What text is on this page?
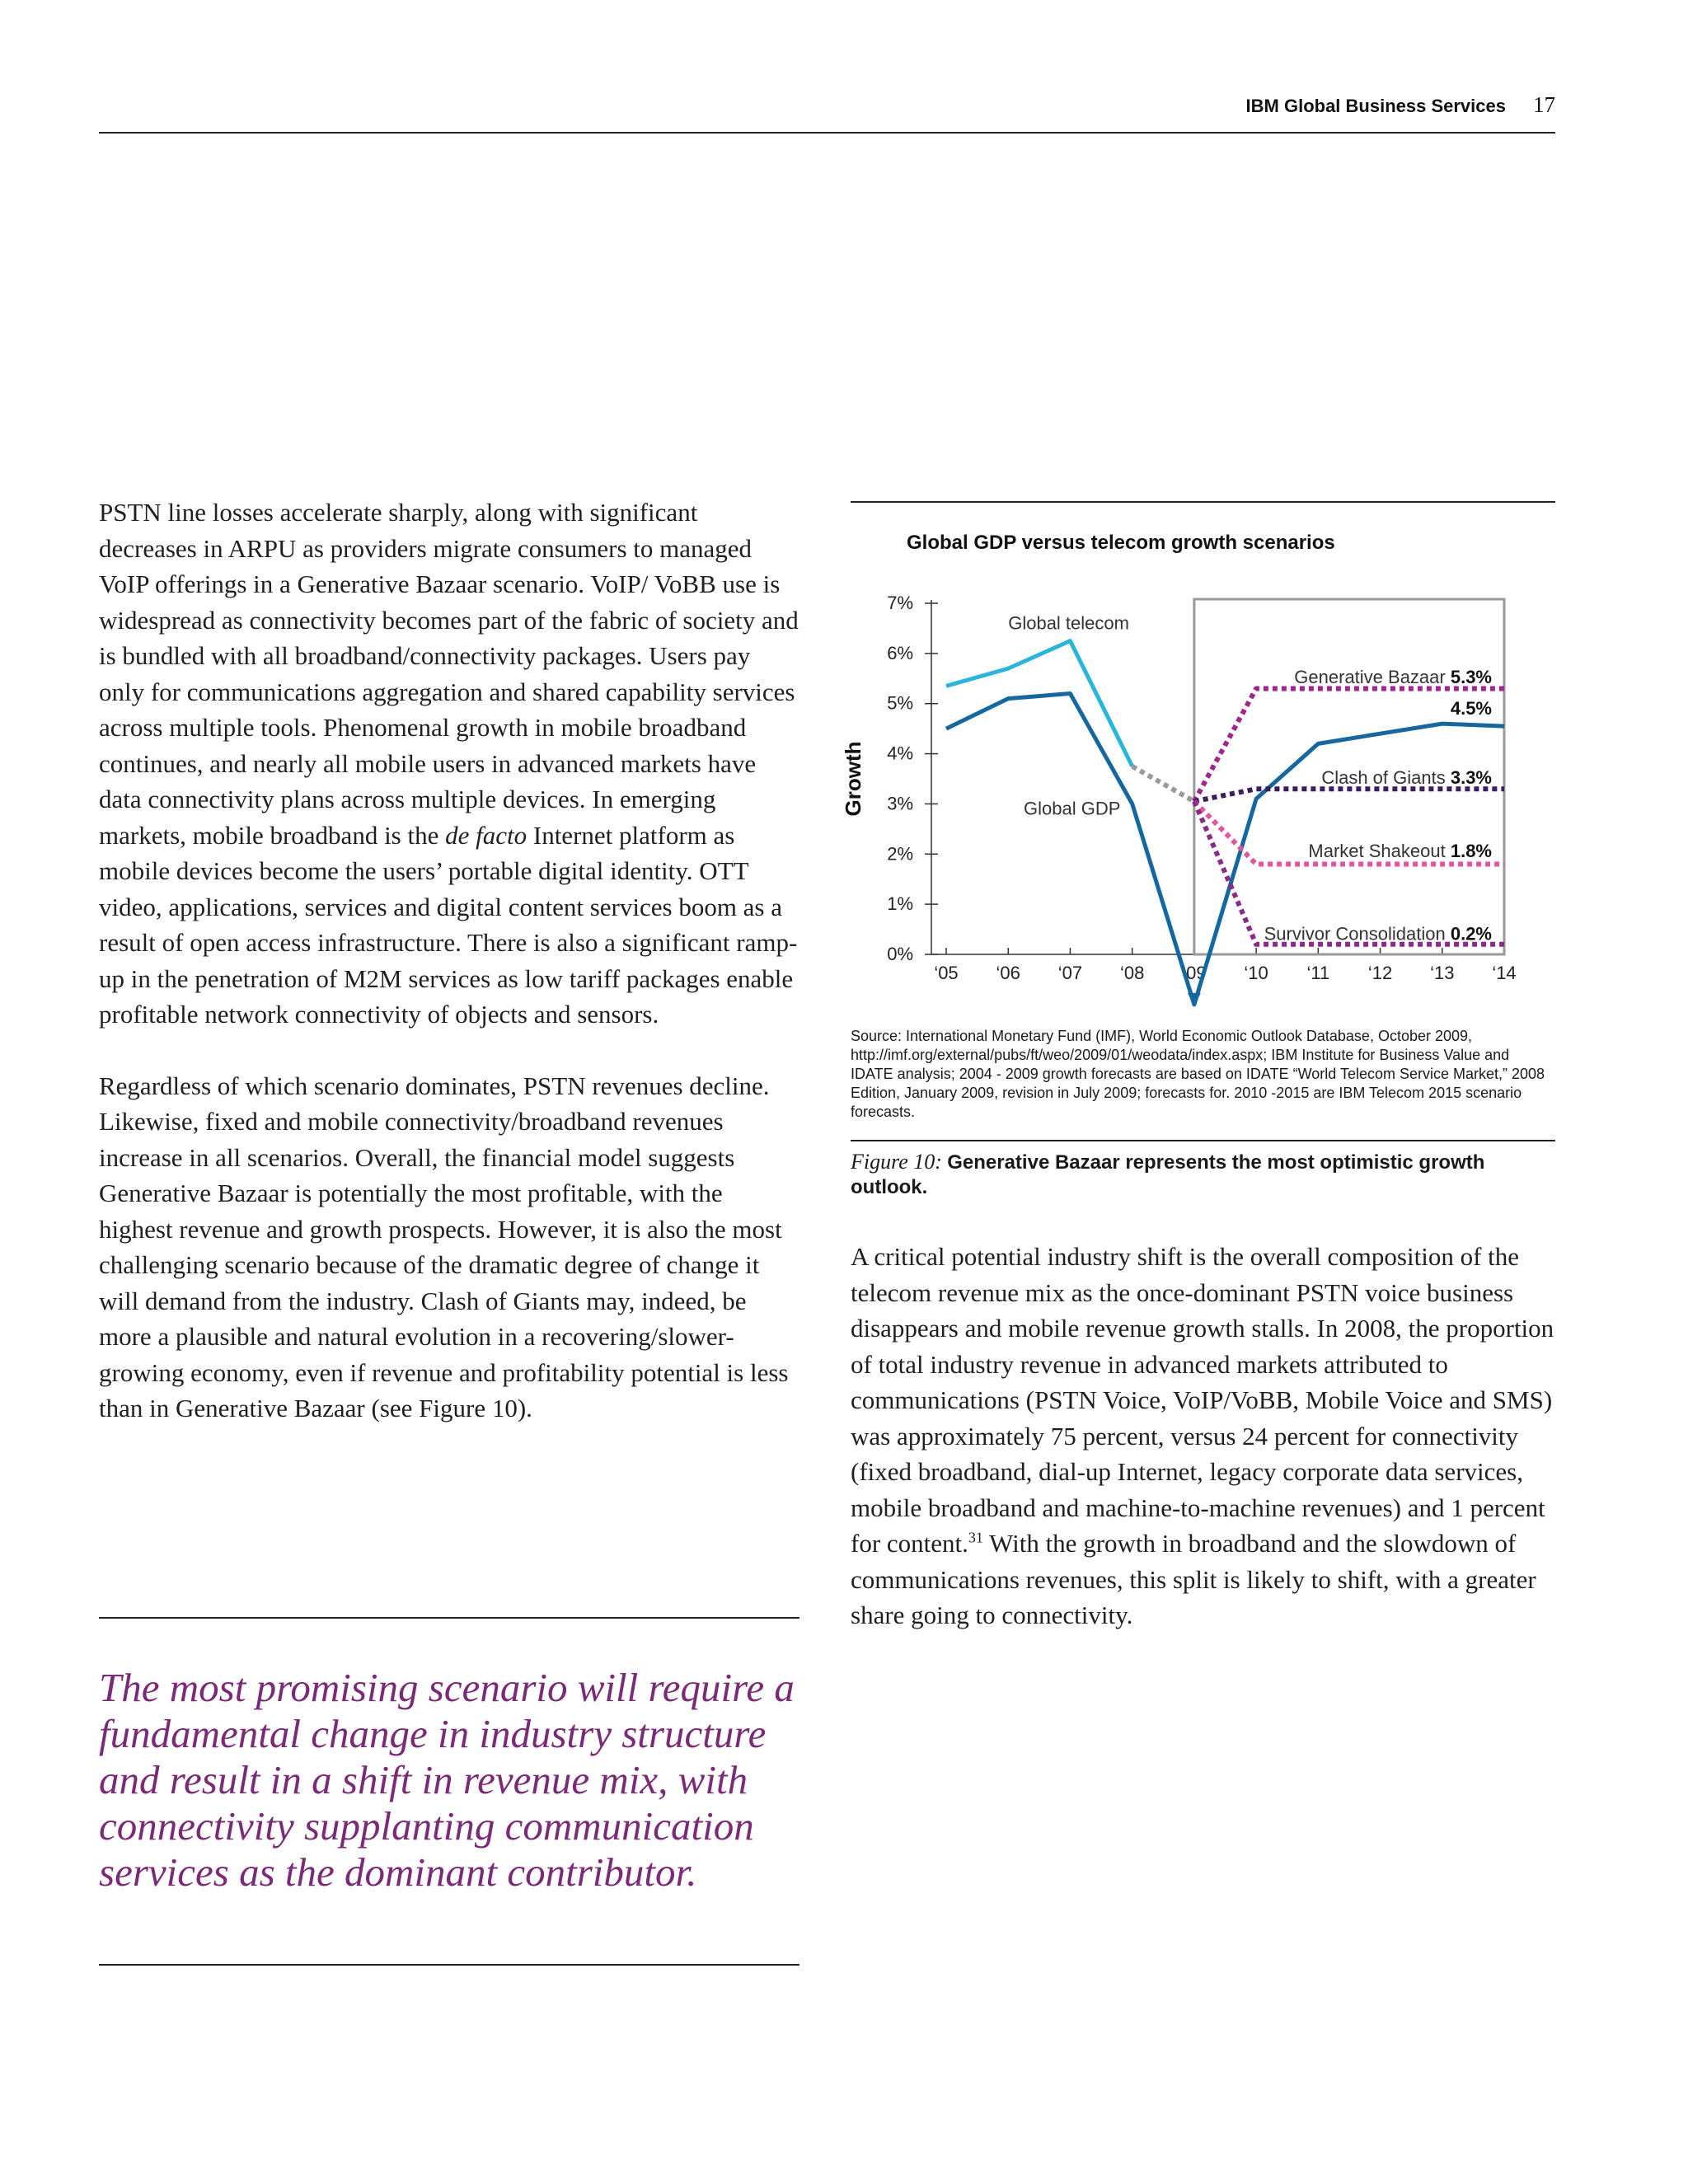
IBM Global Business Services 17

PSTN line losses accelerate sharply, along with significant decreases in ARPU as providers migrate consumers to managed VoIP offerings in a Generative Bazaar scenario. VoIP/ VoBB use is widespread as connectivity becomes part of the fabric of society and is bundled with all broadband/connectivity packages. Users pay only for communications aggregation and shared capability services across multiple tools. Phenomenal growth in mobile broadband continues, and nearly all mobile users in advanced markets have data connectivity plans across multiple devices. In emerging markets, mobile broadband is the de facto Internet platform as mobile devices become the users’ portable digital identity. OTT video, applications, services and digital content services boom as a result of open access infrastructure. There is also a significant ramp-up in the penetration of M2M services as low tariff packages enable profitable network connectivity of objects and sensors.

Regardless of which scenario dominates, PSTN revenues decline. Likewise, fixed and mobile connectivity/broadband revenues increase in all scenarios. Overall, the financial model suggests Generative Bazaar is potentially the most profitable, with the highest revenue and growth prospects. However, it is also the most challenging scenario because of the dramatic degree of change it will demand from the industry. Clash of Giants may, indeed, be more a plausible and natural evolution in a recovering/slower-growing economy, even if revenue and profitability potential is less than in Generative Bazaar (see Figure 10).

The most promising scenario will require a fundamental change in industry structure and result in a shift in revenue mix, with connectivity supplanting communication services as the dominant contributor.

Global GDP versus telecom growth scenarios
0%
1%
2%
3%
4%
5%
6%
7%
‘05 ‘06 ‘07 ‘08 ‘09 ‘10 ‘11 ‘12 ‘13 ‘14
Growth
Global telecom
Global GDP
Generative Bazaar 5.3%
4.5%
Clash of Giants 3.3%
Market Shakeout 1.8%
Survivor Consolidation 0.2%

Source: International Monetary Fund (IMF), World Economic Outlook Database, October 2009, http://imf.org/external/pubs/ft/weo/2009/01/weodata/index.aspx; IBM Institute for Business Value and IDATE analysis; 2004 - 2009 growth forecasts are based on IDATE “World Telecom Service Market,” 2008 Edition, January 2009, revision in July 2009; forecasts for. 2010 -2015 are IBM Telecom 2015 scenario forecasts.

Figure 10: Generative Bazaar represents the most optimistic growth outlook.

A critical potential industry shift is the overall composition of the telecom revenue mix as the once-dominant PSTN voice business disappears and mobile revenue growth stalls. In 2008, the proportion of total industry revenue in advanced markets attributed to communications (PSTN Voice, VoIP/VoBB, Mobile Voice and SMS) was approximately 75 percent, versus 24 percent for connectivity (fixed broadband, dial-up Internet, legacy corporate data services, mobile broadband and machine-to-machine revenues) and 1 percent for content.$^{31}$ With the growth in broadband and the slowdown of communications revenues, this split is likely to shift, with a greater share going to connectivity.
